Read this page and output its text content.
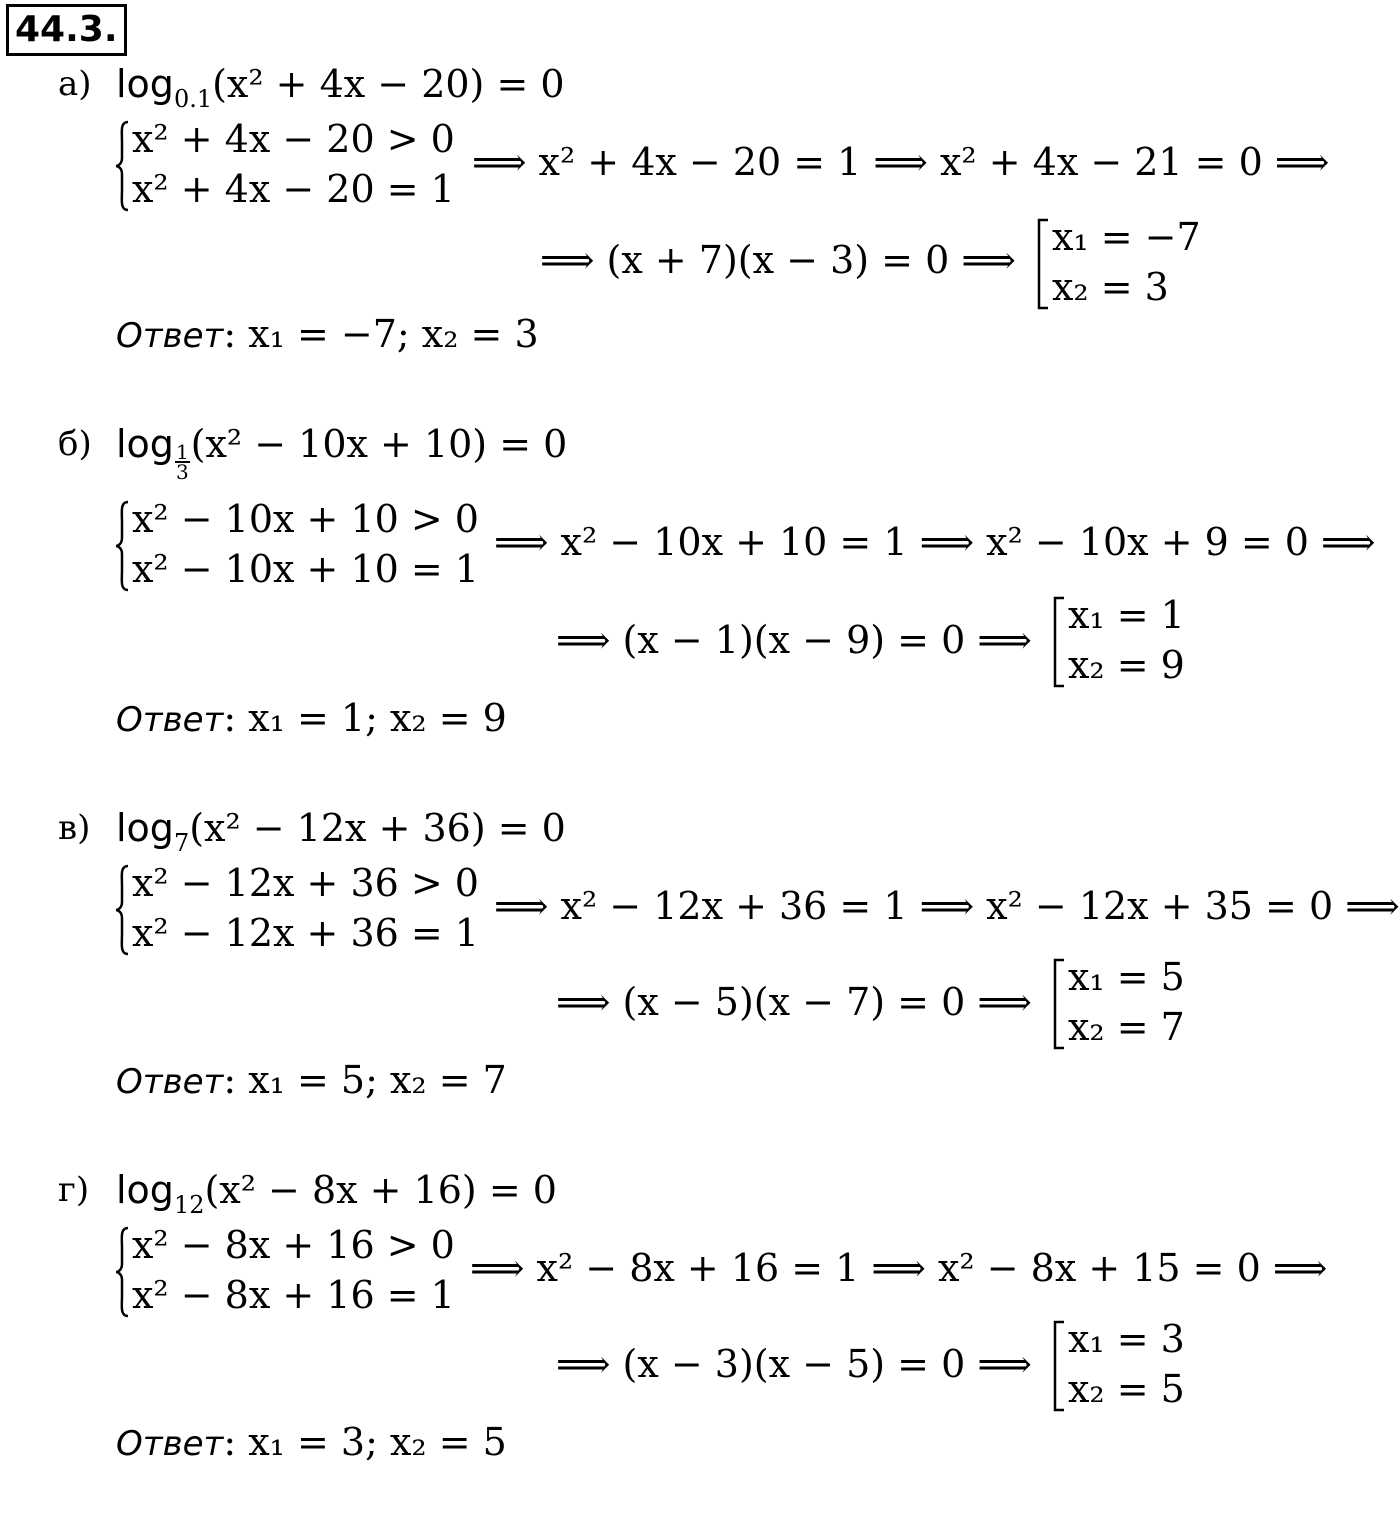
44.3.
а) $\log_{0.1}(x^2 + 4x - 20) = 0$
x² + 4x − 20 > 0
x² + 4x − 20 = 1
⟹ x² + 4x − 20 = 1 ⟹ x² + 4x − 21 = 0 ⟹
⟹ (x + 7)(x − 3) = 0 ⟹
x₁ = −7
x₂ = 3
Ответ: x₁ = −7; x₂ = 3
б) $\log \frac{1}{3} (x^2 - 10x + 10) = 0$
x² − 10x + 10 > 0
x² − 10x + 10 = 1
⟹ x² − 10x + 10 = 1 ⟹ x² − 10x + 9 = 0 ⟹
⟹ (x − 1)(x − 9) = 0 ⟹
x₁ = 1
x₂ = 9
Ответ: x₁ = 1; x₂ = 9
в) $\log_7(x^2 - 12x + 36) = 0$
x² − 12x + 36 > 0
x² − 12x + 36 = 1
⟹ x² − 12x + 36 = 1 ⟹ x² − 12x + 35 = 0 ⟹
⟹ (x − 5)(x − 7) = 0 ⟹
x₁ = 5
x₂ = 7
Ответ: x₁ = 5; x₂ = 7
г) $\log_{12}(x^2 - 8x + 16) = 0$
x² − 8x + 16 > 0
x² − 8x + 16 = 1
⟹ x² − 8x + 16 = 1 ⟹ x² − 8x + 15 = 0 ⟹
⟹ (x − 3)(x − 5) = 0 ⟹
x₁ = 3
x₂ = 5
Ответ: x₁ = 3; x₂ = 5
